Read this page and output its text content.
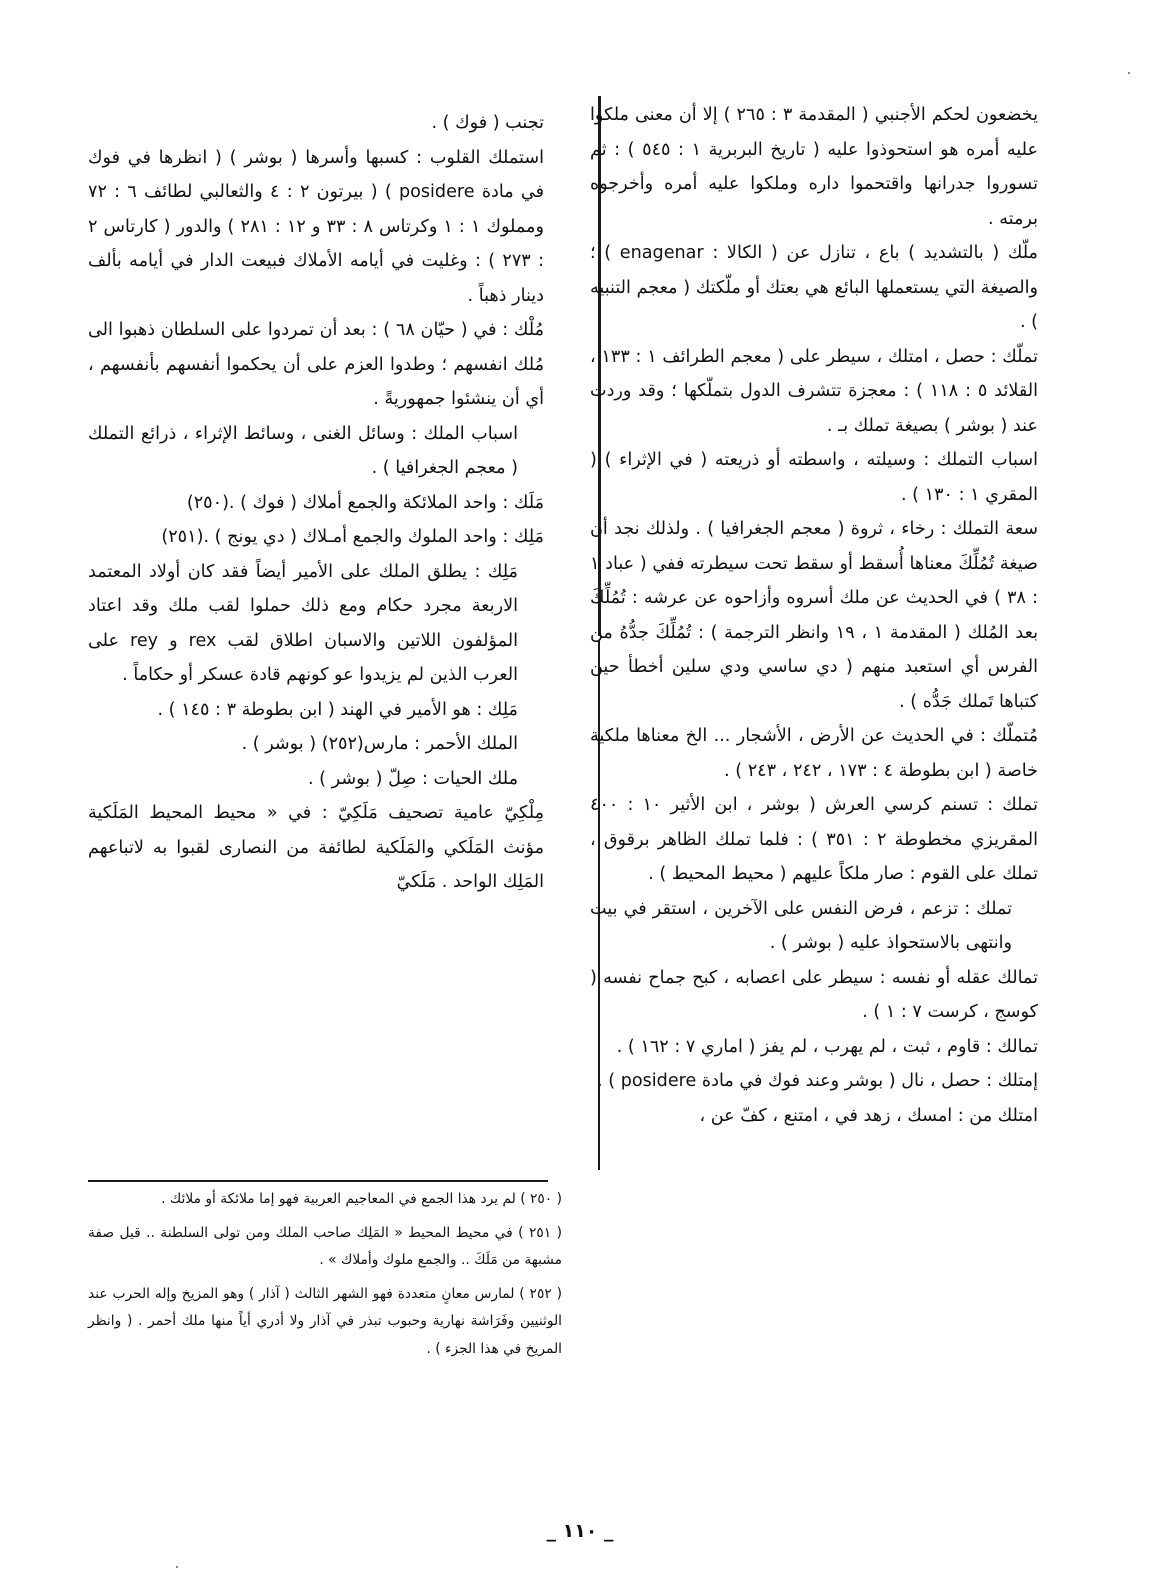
يخضعون لحكم الأجنبي ( المقدمة ٣ : ٢٦٥ ) إلا أن معنى ملكوا عليه أمره هو استحوذوا عليه ( تاريخ البربرية ١ : ٥٤٥ ) : ثم تسوروا جدرانها واقتحموا داره وملكوا عليه أمره وأخرجوه برمته .

ملّك ( بالتشديد ) باع ، تنازل عن ( الكالا : enagenar ) ؛ والصيغة التي يستعملها البائع هي بعتك أو ملّكتك ( معجم التنبيه ) .

تملّك : حصل ، امتلك ، سيطر على ( معجم الطرائف ١ : ١٣٣ ، القلائد ٥ : ١١٨ ) : معجزة تتشرف الدول بتملّكها ؛ وقد وردت عند ( بوشر ) بصيغة تملك بـ .

اسباب التملك : وسيلته ، واسطته أو ذريعته ( في الإثراء ) ( المقري ١ : ١٣٠ ) .

سعة التملك : رخاء ، ثروة ( معجم الجغرافيا ) . ولذلك نجد أن صيغة تُمُلِّكَ معناها أُسقط أو سقط تحت سيطرته ففي ( عباد ١ : ٣٨ ) في الحديث عن ملك أسروه وأزاحوه عن عرشه : تُمُلِّكَ بعد المُلك ( المقدمة ١ ، ١٩ وانظر الترجمة ) : تُمُلِّكَ جدُّهُ من الفرس أي استعبد منهم ( دي ساسي ودي سلين أخطأ حين كتباها تَملك جَدُّه ) .

مُتملّك : في الحديث عن الأرض ، الأشجار ... الخ معناها ملكية خاصة ( ابن بطوطة ٤ : ١٧٣ ، ٢٤٢ ، ٢٤٣ ) .

تملك : تسنم كرسي العرش ( بوشر ، ابن الأثير ١٠ : ٤٠٠ المقريزي مخطوطة ٢ : ٣٥١ ) : فلما تملك الظاهر برقوق ، تملك على القوم : صار ملكاً عليهم ( محيط المحيط ) .

تملك : تزعم ، فرض النفس على الآخرين ، استقر في بيت وانتهى بالاستحواذ عليه ( بوشر ) .

تمالك عقله أو نفسه : سيطر على اعصابه ، كبح جماح نفسه ( كوسج ، كرست ٧ : ١ ) .

تمالك : قاوم ، ثبت ، لم يهرب ، لم يفز ( اماري ٧ : ١٦٢ ) .

إمتلك : حصل ، نال ( بوشر وعند فوك في مادة posidere ) .

امتلك من : امسك ، زهد في ، امتنع ، كفّ عن ،

تجنب ( فوك ) .

استملك القلوب : كسبها وأسرها ( بوشر ) ( انظرها في فوك في مادة posidere ) ( بيرتون ٢ : ٤ والثعالبي لطائف ٦ : ٧٢ ومملوك ١ : ١ وكرتاس ٨ : ٣٣ و ١٢ : ٢٨١ ) والدور ( كارتاس ٢ : ٢٧٣ ) : وغليت في أيامه الأملاك فبيعت الدار في أيامه بألف دينار ذهباً .

مُلْك : في ( حيّان ٦٨ ) : بعد أن تمردوا على السلطان ذهبوا الى مُلك انفسهم ؛ وطدوا العزم على أن يحكموا أنفسهم بأنفسهم ، أي أن ينشئوا جمهوريةً .

اسباب الملك : وسائل الغنى ، وسائط الإثراء ، ذرائع التملك ( معجم الجغرافيا ) .

مَلَك : واحد الملائكة والجمع أملاك ( فوك ) .(٢٥٠)

مَلِك : واحد الملوك والجمع أمـلاك ( دي يونج ) .(٢٥١)

مَلِك : يطلق الملك على الأمير أيضاً فقد كان أولاد المعتمد الاربعة مجرد حكام ومع ذلك حملوا لقب ملك وقد اعتاد المؤلفون اللاتين والاسبان اطلاق لقب rex و rey على العرب الذين لم يزيدوا عو كونهم قادة عسكر أو حكاماً .

مَلِك : هو الأمير في الهند ( ابن بطوطة ٣ : ١٤٥ ) .

الملك الأحمر : مارس(٢٥٢) ( بوشر ) .

ملك الحيات : صِلّ ( بوشر ) .

مِلْكِيّ عامية تصحيف مَلَكِيّ : في « محيط المحيط المَلَكية مؤنث المَلَكي والمَلَكية لطائفة من النصارى لقبوا به لاتباعهم المَلِك الواحد . مَلَكيّ

( ٢٥٠ ) لم يرد هذا الجمع في المعاجيم العربية فهو إما ملائكة أو ملائك .

( ٢٥١ ) في محيط المحيط « المَلِك صاحب الملك ومن تولى السلطنة .. قيل صفة مشبهة من مَلَكَ .. والجمع ملوك وأملاك » .

( ٢٥٢ ) لمارس معانٍ متعددة فهو الشهر الثالث ( آذار ) وهو المزيخ وإله الحرب عند الوثنيين وفَرَاشة نهارية وحبوب تبذر في آذار ولا أدري أياً منها ملك أحمر . ( وانظر المريخ في هذا الجزء ) .

_ ١١٠ _
